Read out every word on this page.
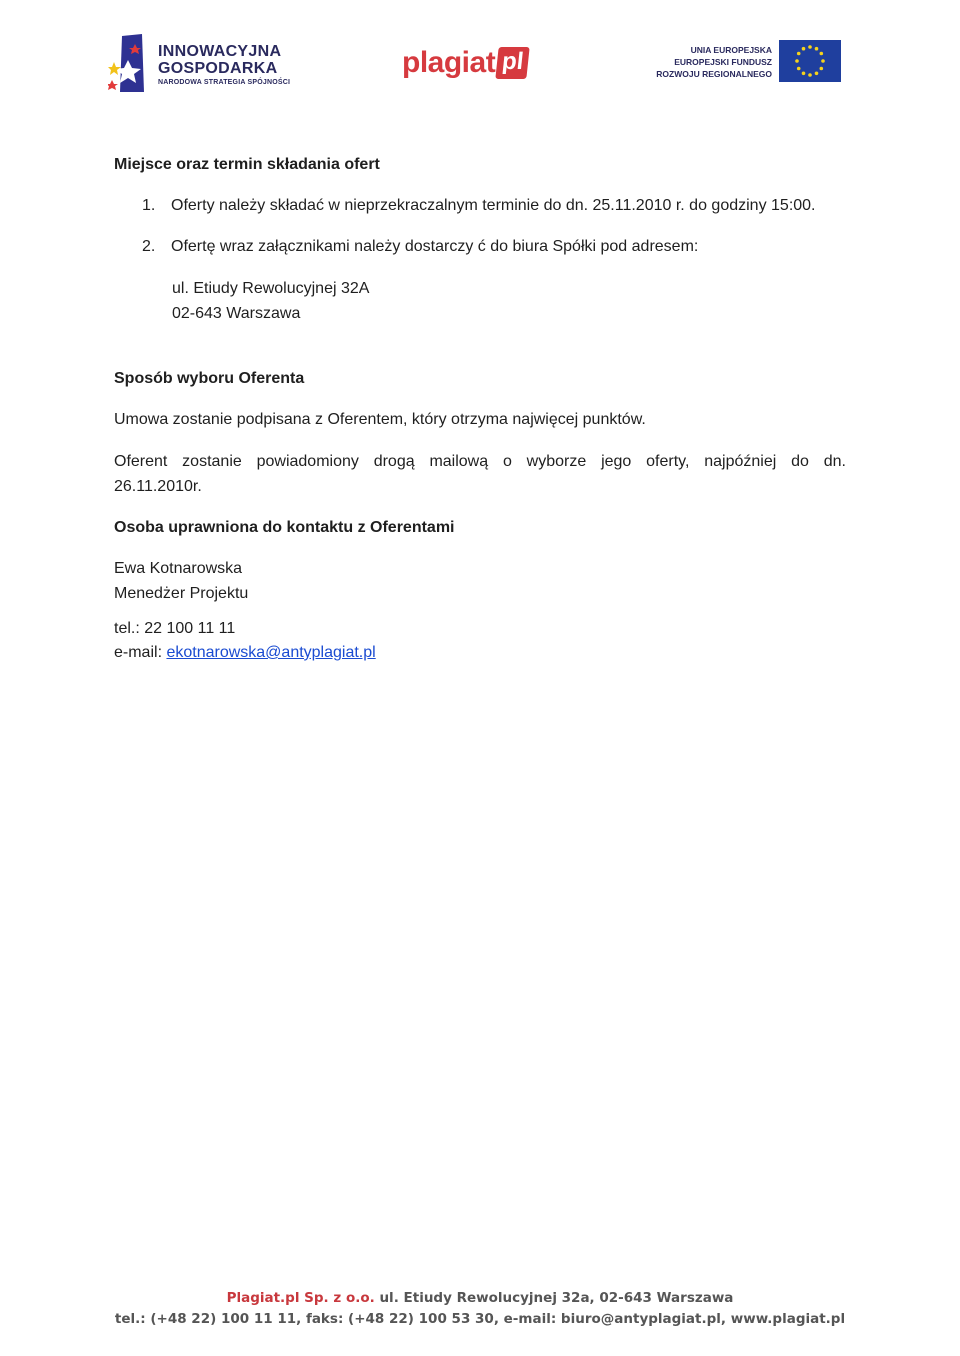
INNOWACYJNA
GOSPODARKA
NARODOWA STRATEGIA SPÓJNOŚCI
plagiat pl	UNIA EUROPEJSKA
EUROPEJSKI FUNDUSZ
ROZWOJU REGIONALNEGO
Miejsce oraz termin składania ofert
1. Oferty należy składać w nieprzekraczalnym terminie do dn. 25.11.2010 r. do godziny 15:00.
2. Ofertę wraz załącznikami należy dostarczy ć do biura Spółki pod adresem:

ul. Etiudy Rewolucyjnej 32A

02-643 Warszawa

Sposób wyboru Oferenta

Umowa zostanie podpisana z Oferentem, który otrzyma najwięcej punktów.

Oferent zostanie powiadomiony drogą mailową o wyborze jego oferty, najpóźniej do dn.

26.11.2010r.

Osoba uprawniona do kontaktu z Oferentami

Ewa Kotnarowska

Menedżer Projektu

tel.: 22 100 11 11

e-mail: ekotnarowska@antyplagiat.pl

Plagiat.pl Sp. z o.o. ul. Etiudy Rewolucyjnej 32a, 02-643 Warszawa
tel.: (+48 22) 100 11 11, faks: (+48 22) 100 53 30, e-mail: biuro@antyplagiat.pl, www.plagiat.pl
